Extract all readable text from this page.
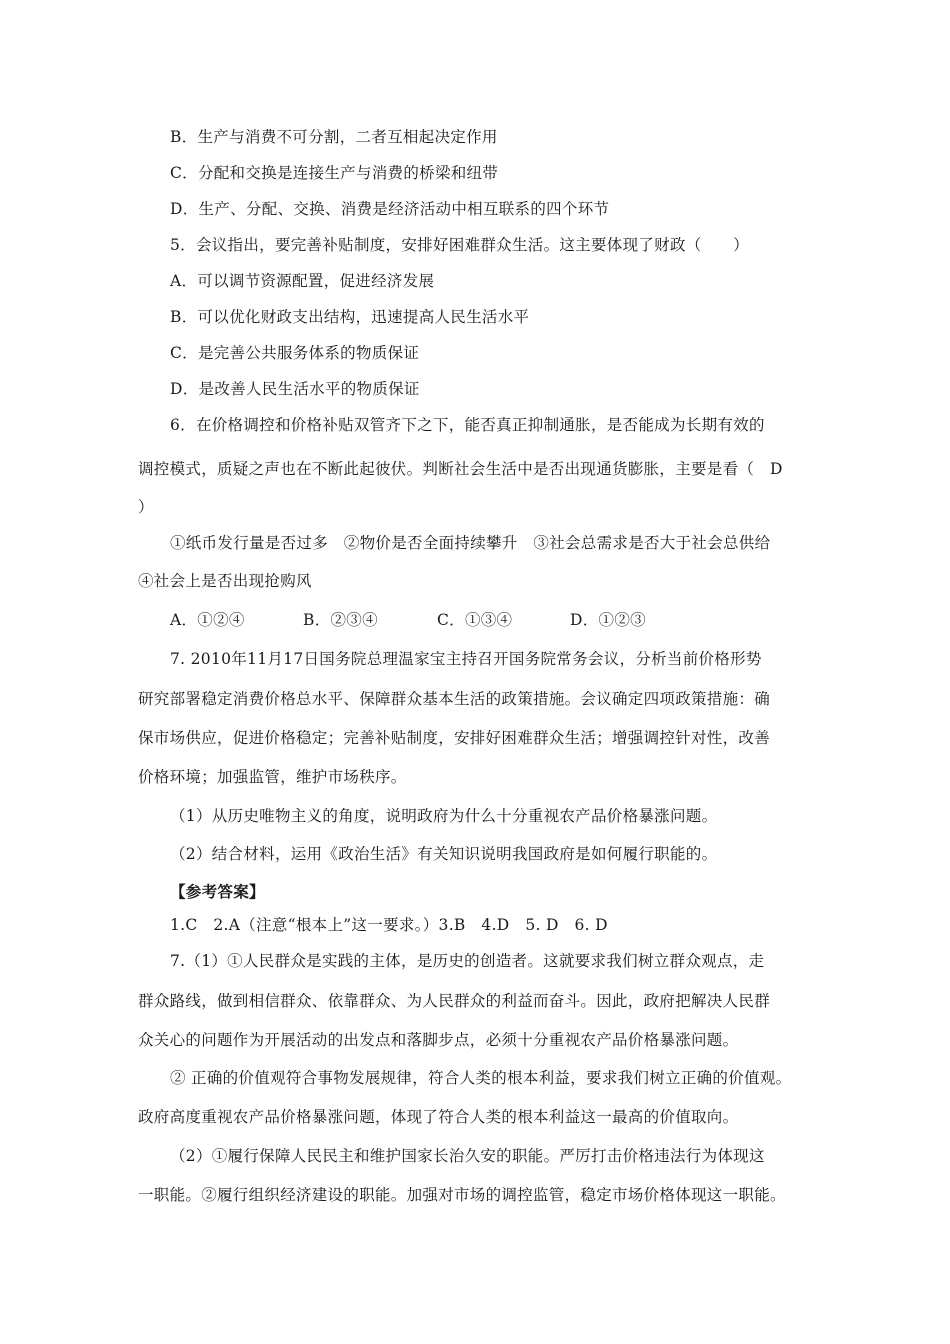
B．生产与消费不可分割，二者互相起决定作用
C．分配和交换是连接生产与消费的桥梁和纽带
D．生产、分配、交换、消费是经济活动中相互联系的四个环节
5．会议指出，要完善补贴制度，安排好困难群众生活。这主要体现了财政（　　）
A．可以调节资源配置，促进经济发展
B．可以优化财政支出结构，迅速提高人民生活水平
C．是完善公共服务体系的物质保证
D．是改善人民生活水平的物质保证
6．在价格调控和价格补贴双管齐下之下，能否真正抑制通胀，是否能成为长期有效的
调控模式，质疑之声也在不断此起彼伏。判断社会生活中是否出现通货膨胀，主要是看（　D
）
①纸币发行量是否过多　②物价是否全面持续攀升　③社会总需求是否大于社会总供给
④社会上是否出现抢购风
A．①②④	B．②③④	C．①③④	D．①②③
7. 2010年11月17日国务院总理温家宝主持召开国务院常务会议，分析当前价格形势
研究部署稳定消费价格总水平、保障群众基本生活的政策措施。会议确定四项政策措施：确
保市场供应，促进价格稳定；完善补贴制度，安排好困难群众生活；增强调控针对性，改善
价格环境；加强监管，维护市场秩序。
（1）从历史唯物主义的角度，说明政府为什么十分重视农产品价格暴涨问题。
（2）结合材料，运用《政治生活》有关知识说明我国政府是如何履行职能的。
【参考答案】
1.C　2.A（注意“根本上”这一要求。）3.B　4.D　5. D　6. D
7.（1）①人民群众是实践的主体，是历史的创造者。这就要求我们树立群众观点，走
群众路线，做到相信群众、依靠群众、为人民群众的利益而奋斗。因此，政府把解决人民群
众关心的问题作为开展活动的出发点和落脚步点，必须十分重视农产品价格暴涨问题。
② 正确的价值观符合事物发展规律，符合人类的根本利益，要求我们树立正确的价值观。
政府高度重视农产品价格暴涨问题，体现了符合人类的根本利益这一最高的价值取向。
（2）①履行保障人民民主和维护国家长治久安的职能。严厉打击价格违法行为体现这
一职能。②履行组织经济建设的职能。加强对市场的调控监管，稳定市场价格体现这一职能。
